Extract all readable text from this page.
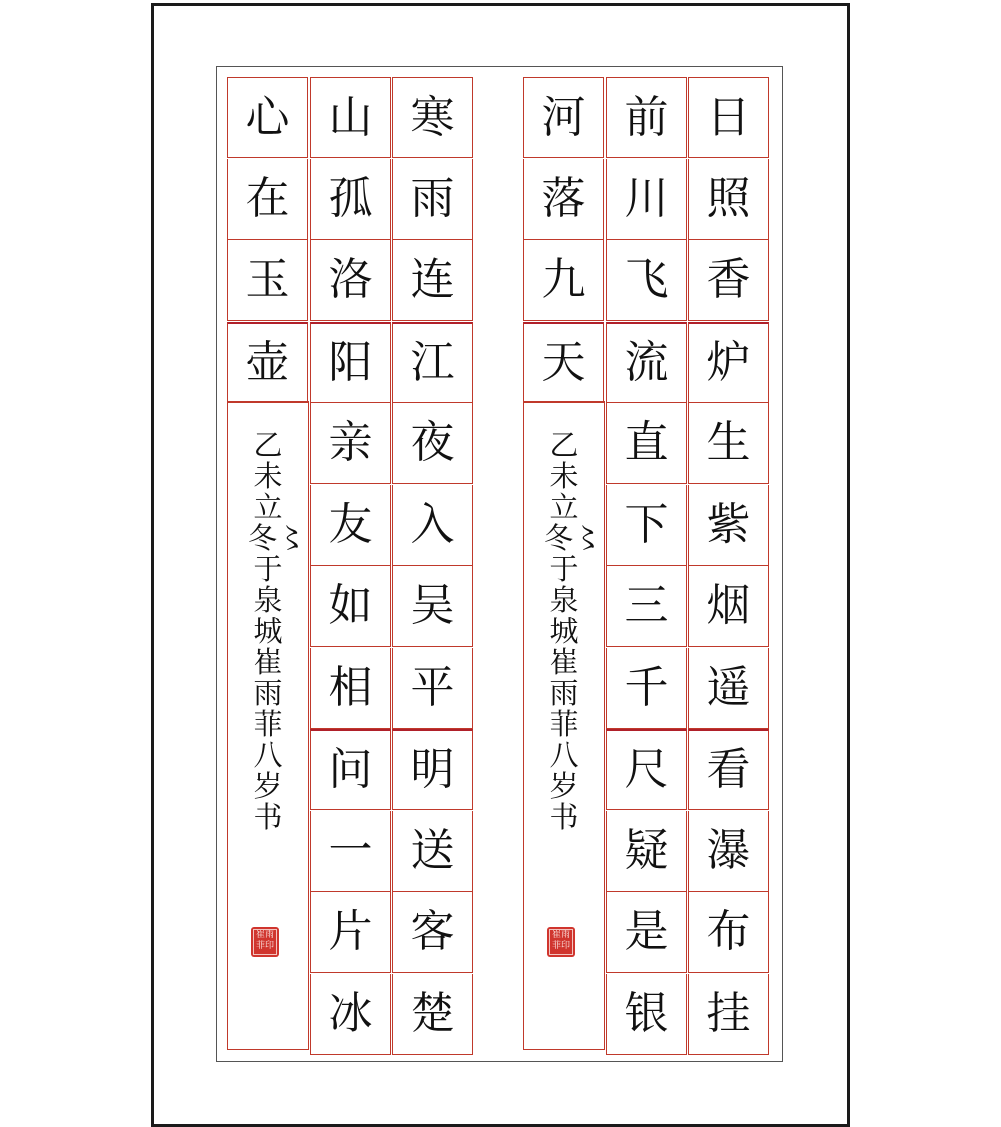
日
照
香
炉
生
紫
烟
遥
看
瀑
布
挂
前
川
飞
流
直
下
三
千
尺
疑
是
银
河
落
九
天
寒
雨
连
江
夜
入
吴
平
明
送
客
楚
山
孤
洛
阳
亲
友
如
相
问
一
片
冰
心
在
玉
壶
乙未立冬〻于泉城崔雨菲八岁书
乙未立冬〻于泉城崔雨菲八岁书
崔雨菲印
崔雨菲印
